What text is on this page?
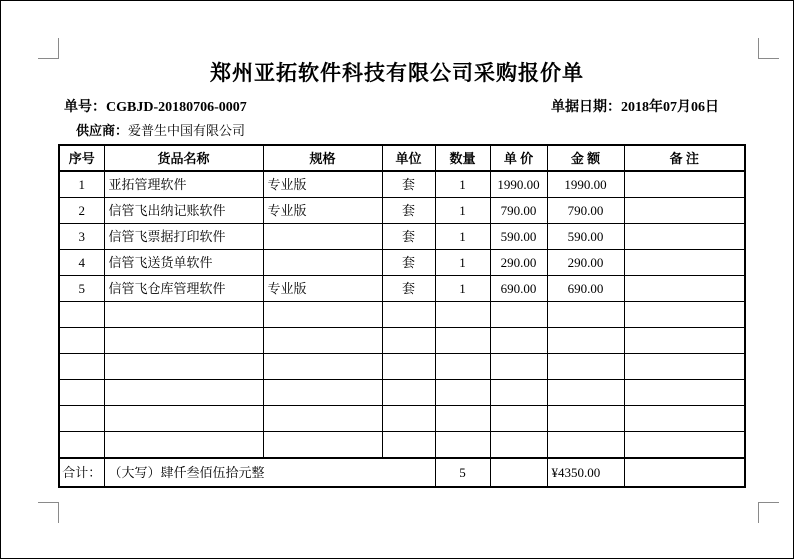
郑州亚拓软件科技有限公司采购报价单
单号：CGBJD-20180706-0007	单据日期：2018年07月06日
供应商：爱普生中国有限公司
序号	货品名称	规格	单位	数量	单 价	金 额	备 注
1	亚拓管理软件	专业版	套	1	1990.00	1990.00	
2	信管飞出纳记账软件	专业版	套	1	790.00	790.00	
3	信管飞票据打印软件		套	1	590.00	590.00	
4	信管飞送货单软件		套	1	290.00	290.00	
5	信管飞仓库管理软件	专业版	套	1	690.00	690.00	

合计：	（大写）肆仟叁佰伍拾元整			5		¥4350.00	
